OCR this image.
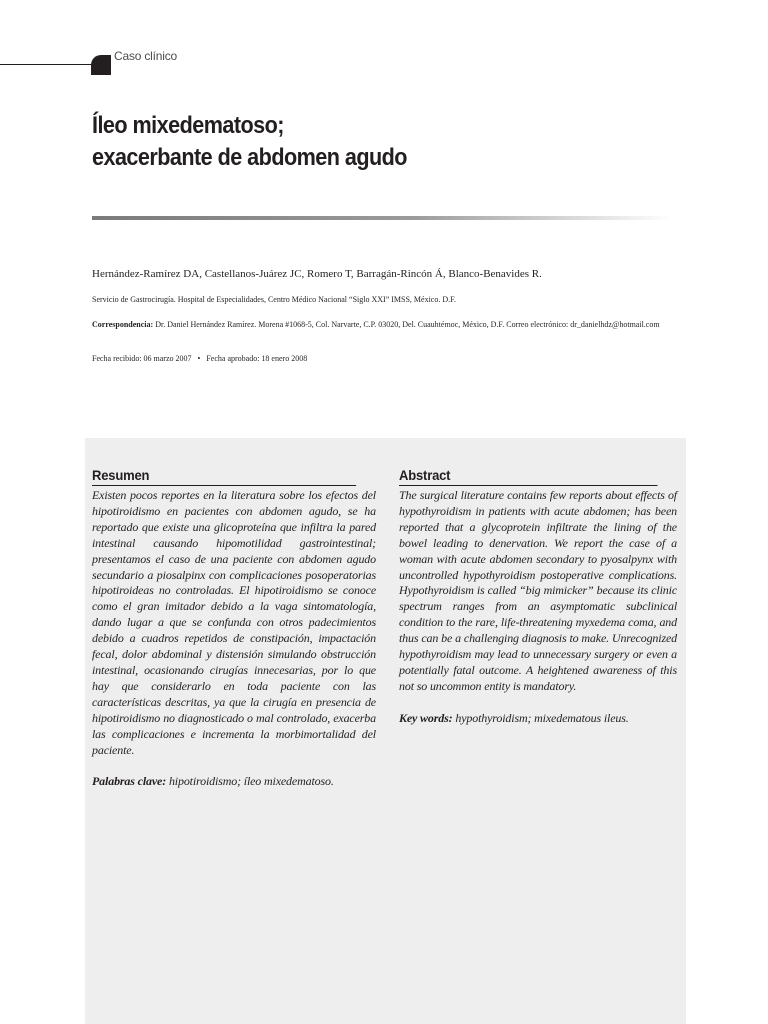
Caso clínico
Íleo mixedematoso;
exacerbante de abdomen agudo
Hernández-Ramírez DA, Castellanos-Juárez JC, Romero T, Barragán-Rincón Á, Blanco-Benavides R.
Servicio de Gastrocirugía. Hospital de Especialidades, Centro Médico Nacional “Siglo XXI” IMSS, México. D.F.
Correspondencia: Dr. Daniel Hernández Ramírez. Morena #1068-5, Col. Narvarte, C.P. 03020, Del. Cuauhtémoc, México, D.F. Correo electrónico: dr_danielhdz@hotmail.com
Fecha recibido: 06 marzo 2007 • Fecha aprobado: 18 enero 2008
Resumen
Existen pocos reportes en la literatura sobre los efectos del hipotiroidismo en pacientes con abdomen agudo, se ha reportado que existe una glicoproteína que infiltra la pared intestinal causando hipomotilidad gastrointestinal; presentamos el caso de una paciente con abdomen agudo secundario a piosalpinx con complicaciones posoperatorias hipotiroideas no controladas. El hipotiroidismo se conoce como el gran imitador debido a la vaga sintomatología, dando lugar a que se confunda con otros padecimientos debido a cuadros repetidos de constipación, impactación fecal, dolor abdominal y distensión simulando obstrucción intestinal, ocasionando cirugías innecesarias, por lo que hay que considerarlo en toda paciente con las características descritas, ya que la cirugía en presencia de hipotiroidismo no diagnosticado o mal controlado, exacerba las complicaciones e incrementa la morbimortalidad del paciente.
Palabras clave: hipotiroidismo; íleo mixedematoso.
Abstract
The surgical literature contains few reports about effects of hypothyroidism in patients with acute abdomen; has been reported that a glycoprotein infiltrate the lining of the bowel leading to denervation. We report the case of a woman with acute abdomen secondary to pyosalpynx with uncontrolled hypothyroidism postoperative complications. Hypothyroidism is called “big mimicker” because its clinic spectrum ranges from an asymptomatic subclinical condition to the rare, life-threatening myxedema coma, and thus can be a challenging diagnosis to make. Unrecognized hypothyroidism may lead to unnecessary surgery or even a potentially fatal outcome. A heightened awareness of this not so uncommon entity is mandatory.
Key words: hypothyroidism; mixedematous ileus.
